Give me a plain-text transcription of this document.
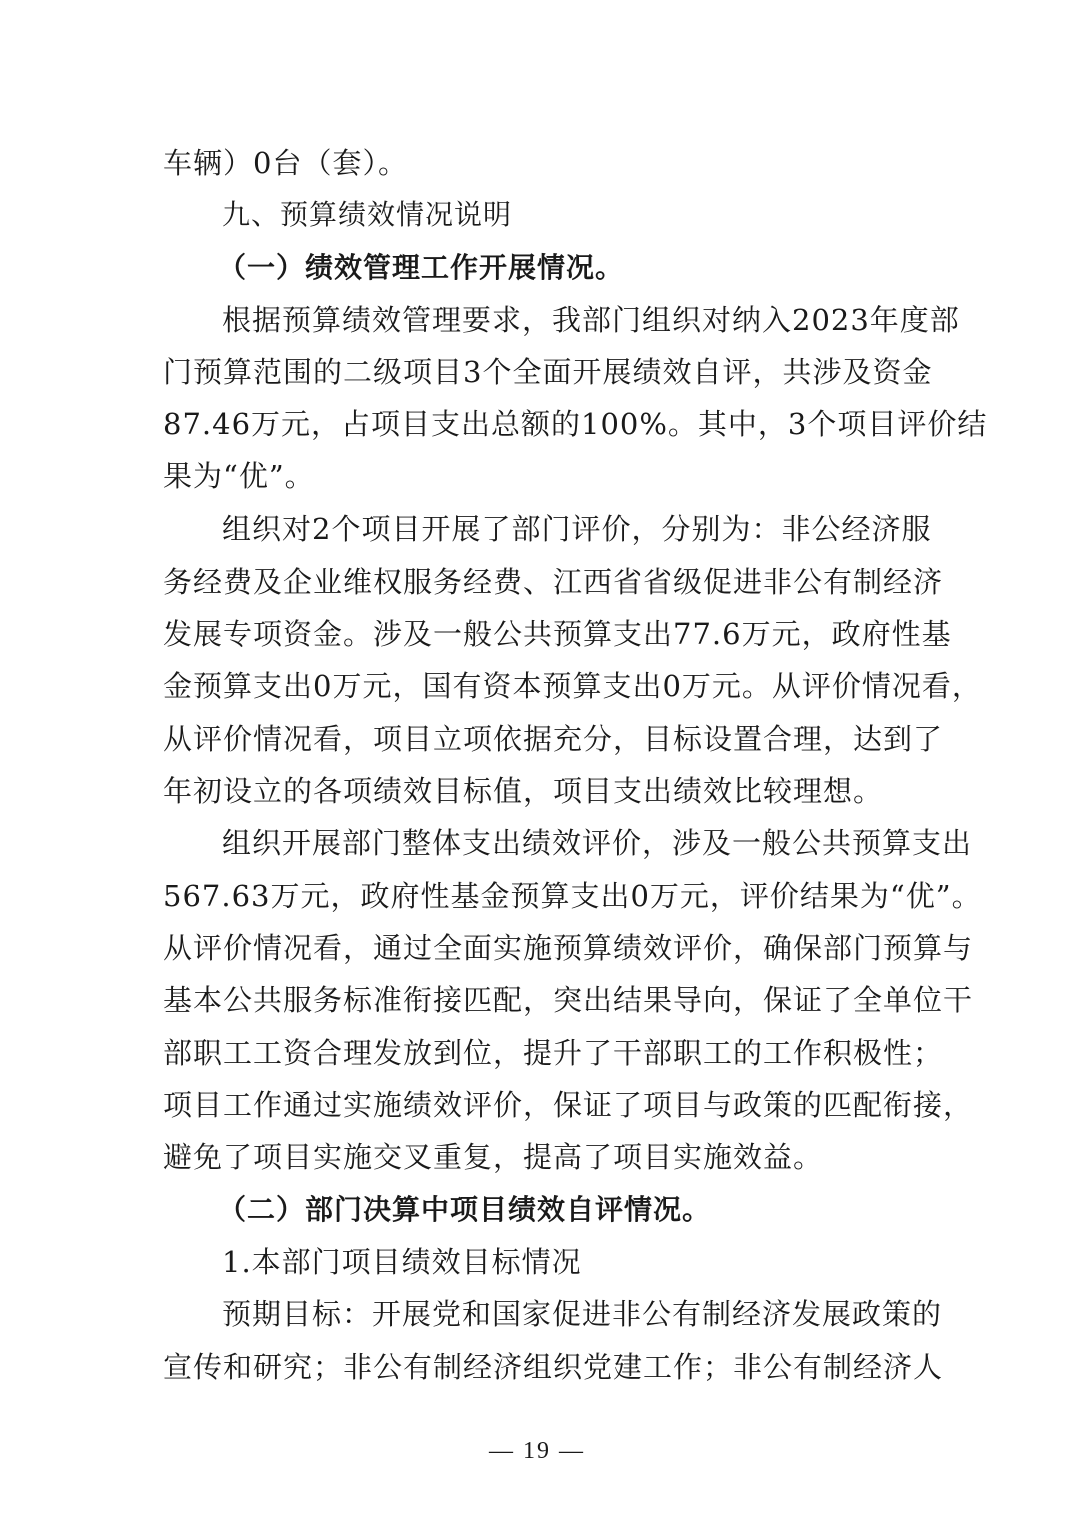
车辆）0台（套）。
九、预算绩效情况说明
（一）绩效管理工作开展情况。
根据预算绩效管理要求，我部门组织对纳入2023年度部
门预算范围的二级项目3个全面开展绩效自评，共涉及资金
87.46万元，占项目支出总额的100%。其中，3个项目评价结
果为“优”。
组织对2个项目开展了部门评价，分别为：非公经济服
务经费及企业维权服务经费、江西省省级促进非公有制经济
发展专项资金。涉及一般公共预算支出77.6万元，政府性基
金预算支出0万元，国有资本预算支出0万元。从评价情况看，
从评价情况看，项目立项依据充分，目标设置合理，达到了
年初设立的各项绩效目标值，项目支出绩效比较理想。
组织开展部门整体支出绩效评价，涉及一般公共预算支出
567.63万元，政府性基金预算支出0万元，评价结果为“优”。
从评价情况看，通过全面实施预算绩效评价，确保部门预算与
基本公共服务标准衔接匹配，突出结果导向，保证了全单位干
部职工工资合理发放到位，提升了干部职工的工作积极性；
项目工作通过实施绩效评价，保证了项目与政策的匹配衔接，
避免了项目实施交叉重复，提高了项目实施效益。
（二）部门决算中项目绩效自评情况。
1.本部门项目绩效目标情况
预期目标：开展党和国家促进非公有制经济发展政策的
宣传和研究；非公有制经济组织党建工作；非公有制经济人
— 19 —
